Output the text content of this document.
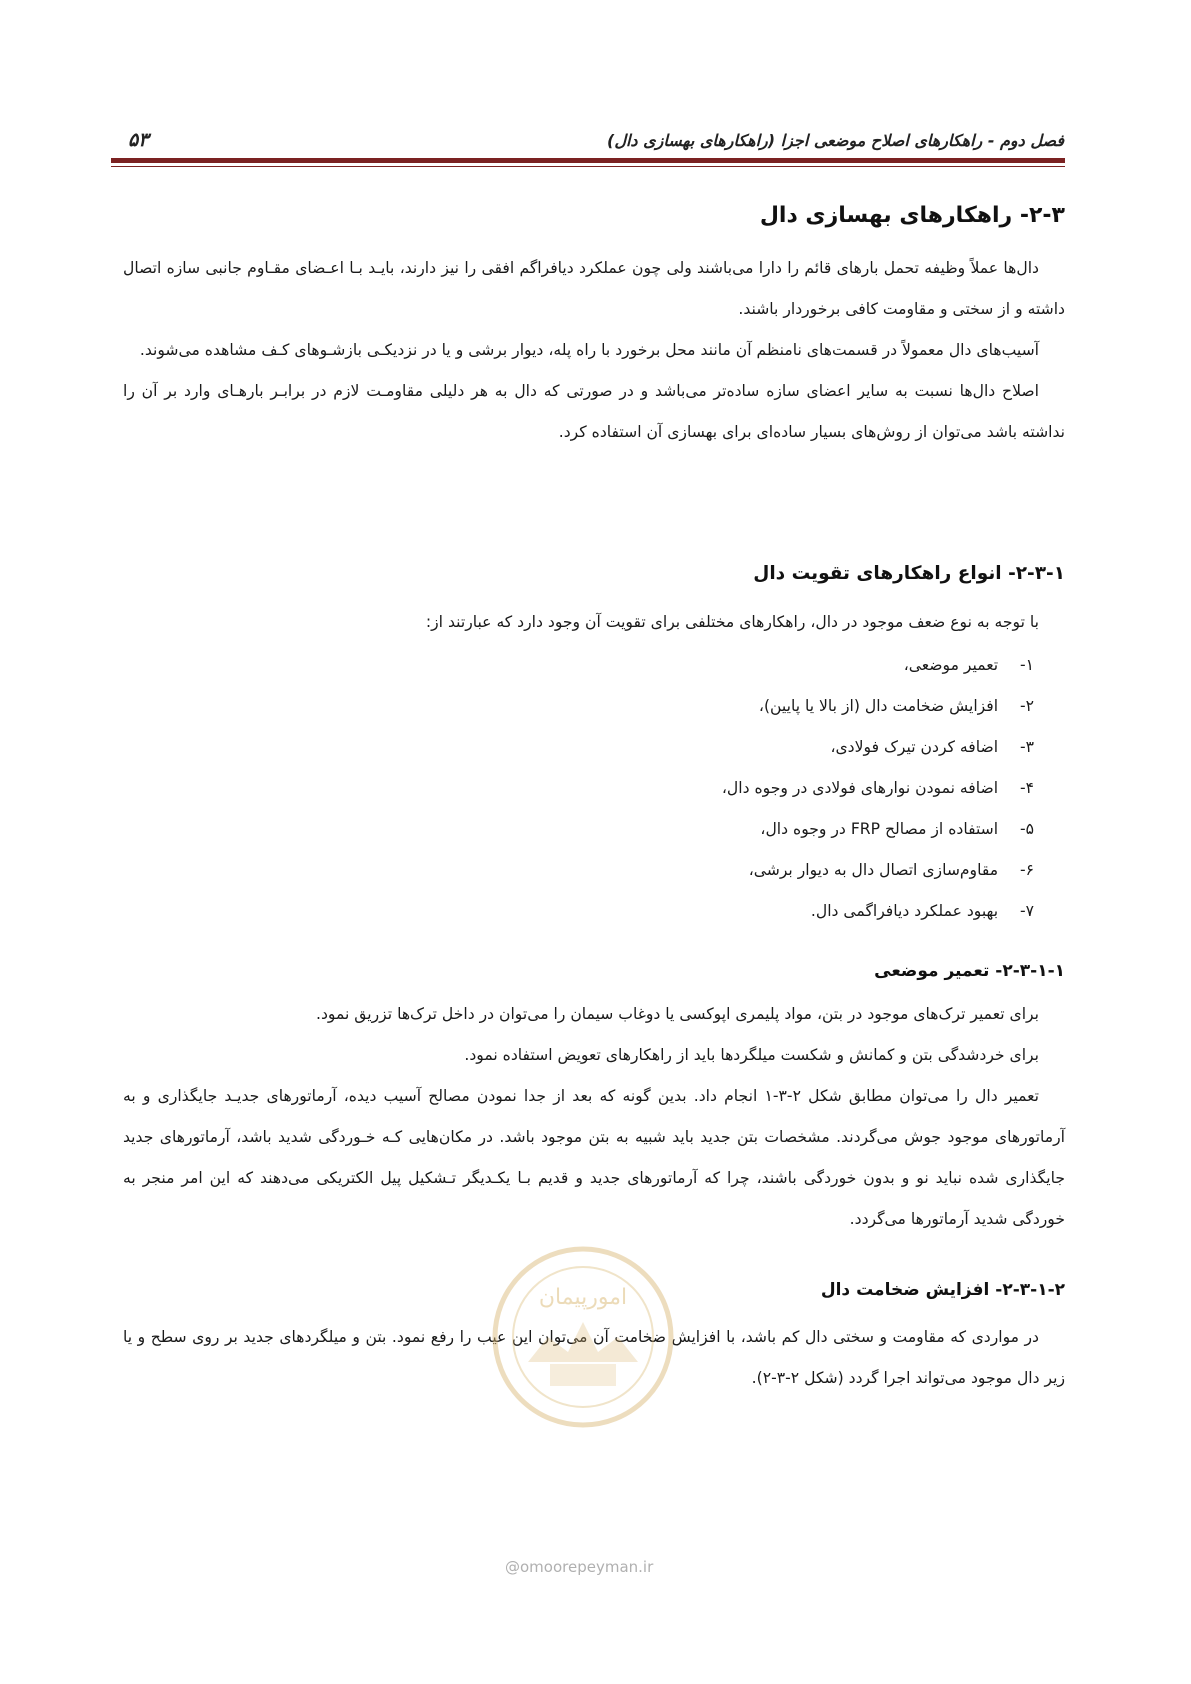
فصل دوم - راهکارهای اصلاح موضعی اجزا (راهکارهای بهسازی دال)
۵۳
۲-۳- راهکارهای بهسازی دال

دال‌ها عملاً وظیفه تحمل بارهای قائم را دارا می‌باشند ولی چون عملکرد دیافراگم افقی را نیز دارند، بایـد بـا اعـضای مقـاوم جانبی سازه اتصال داشته و از سختی و مقاومت کافی برخوردار باشند.

آسیب‌های دال معمولاً در قسمت‌های نامنظم آن مانند محل برخورد با راه پله، دیوار برشی و یا در نزدیکـی بازشـوهای کـف مشاهده می‌شوند.

اصلاح دال‌ها نسبت به سایر اعضای سازه ساده‌تر می‌باشد و در صورتی که دال به هر دلیلی مقاومـت لازم در برابـر بارهـای وارد بر آن را نداشته باشد می‌توان از روش‌های بسیار ساده‌ای برای بهسازی آن استفاده کرد.

۲-۳-۱- انواع راهکارهای تقویت دال

با توجه به نوع ضعف موجود در دال، راهکارهای مختلفی برای تقویت آن وجود دارد که عبارتند از:

۱-  تعمیر موضعی،
۲-  افزایش ضخامت دال (از بالا یا پایین)،
۳-  اضافه کردن تیرک فولادی،
۴-  اضافه نمودن نوارهای فولادی در وجوه دال،
۵-  استفاده از مصالح FRP در وجوه دال،
۶-  مقاوم‌سازی اتصال دال به دیوار برشی،
۷-  بهبود عملکرد دیافراگمی دال.
۲-۳-۱-۱- تعمیر موضعی

برای تعمیر ترک‌های موجود در بتن، مواد پلیمری اپوکسی یا دوغاب سیمان را می‌توان در داخل ترک‌ها تزریق نمود.

برای خردشدگی بتن و کمانش و شکست میلگردها باید از راهکارهای تعویض استفاده نمود.

تعمیر دال را می‌توان مطابق شکل ۲-۳-۱ انجام داد. بدین گونه که بعد از جدا نمودن مصالح آسیب دیده، آرماتورهای جدیـد جایگذاری و به آرماتورهای موجود جوش می‌گردند. مشخصات بتن جدید باید شبیه به بتن موجود باشد. در مکان‌هایی کـه خـوردگی شدید باشد، آرماتورهای جدید جایگذاری شده نباید نو و بدون خوردگی باشند، چرا که آرماتورهای جدید و قدیم بـا یکـدیگر تـشکیل پیل الکتریکی می‌دهند که این امر منجر به خوردگی شدید آرماتورها می‌گردد.

۲-۳-۱-۲- افزایش ضخامت دال

در مواردی که مقاومت و سختی دال کم باشد، با افزایش ضخامت آن می‌توان این عیب را رفع نمود. بتن و میلگردهای جدید بر روی سطح و یا زیر دال موجود می‌تواند اجرا گردد (شکل ۲-۳-۲).

امورپیمان
@omoorepeyman.ir
